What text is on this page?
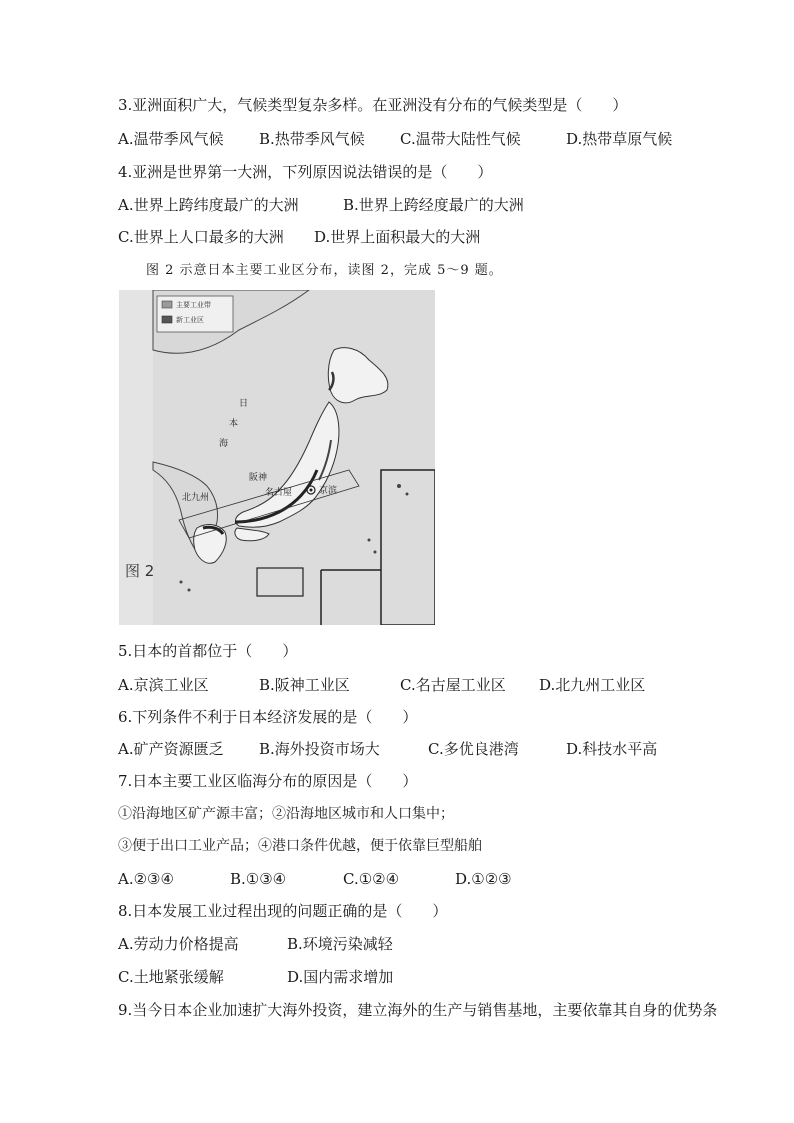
3.亚洲面积广大，气候类型复杂多样。在亚洲没有分布的气候类型是（　　）
A.温带季风气候 B.热带季风气候 C.温带大陆性气候	D.热带草原气候
4.亚洲是世界第一大洲，下列原因说法错误的是（　　）
A.世界上跨纬度最广的大洲	B.世界上跨经度最广的大洲
C.世界上人口最多的大洲 D.世界上面积最大的大洲
图 2 示意日本主要工业区分布，读图 2，完成 5～9 题。
主要工业带
新工业区
日
本
海
北九州
阪神
名古屋	京滨
图 2
5.日本的首都位于（　　）
A.京滨工业区	B.阪神工业区	C.名古屋工业区 D.北九州工业区
6.下列条件不利于日本经济发展的是（　　）
A.矿产资源匮乏 B.海外投资市场大	C.多优良港湾	D.科技水平高
7.日本主要工业区临海分布的原因是（　　）
①沿海地区矿产源丰富；②沿海地区城市和人口集中；
③便于出口工业产品；④港口条件优越，便于依靠巨型船舶
A.②③④	B.①③④	C.①②④	D.①②③
8.日本发展工业过程出现的问题正确的是（　　）
A.劳动力价格提高	B.环境污染减轻
C.土地紧张缓解	D.国内需求增加
9.当今日本企业加速扩大海外投资，建立海外的生产与销售基地，主要依靠其自身的优势条
